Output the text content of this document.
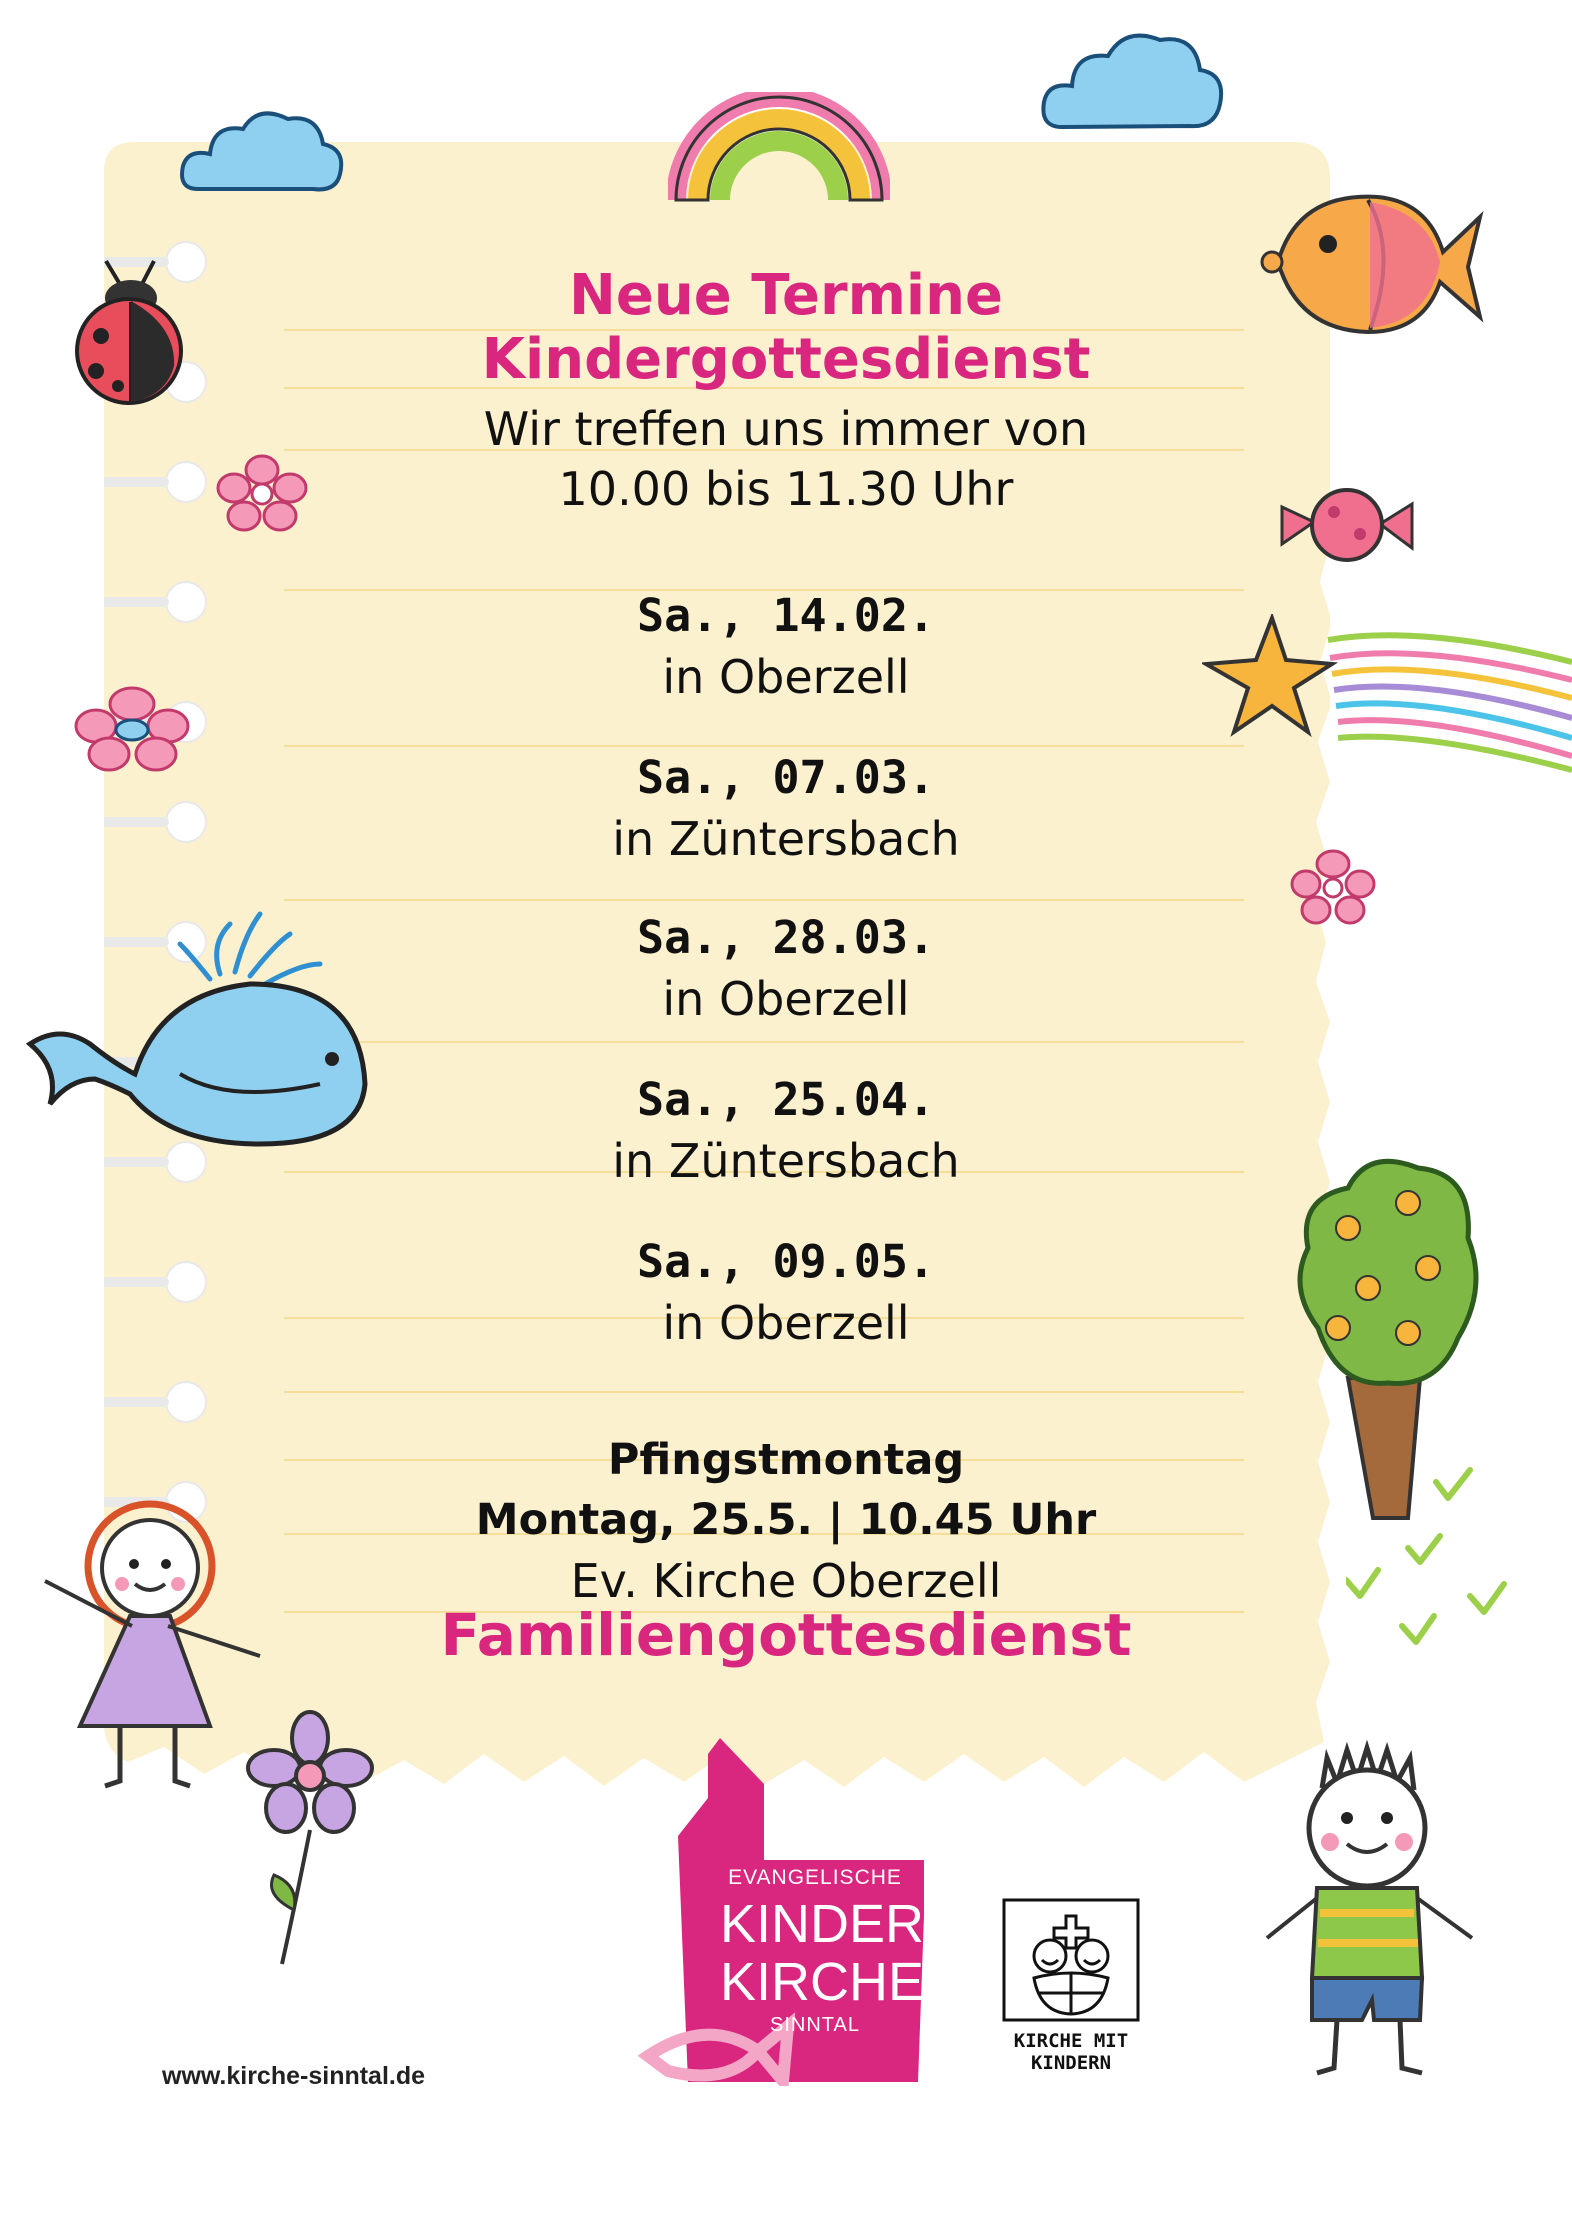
Neue Termine
Kindergottesdienst
Wir treffen uns immer von
10.00 bis 11.30 Uhr
Sa., 14.02.
in Oberzell
Sa., 07.03.
in Züntersbach
Sa., 28.03.
in Oberzell
Sa., 25.04.
in Züntersbach
Sa., 09.05.
in Oberzell
Pfingstmontag
Montag, 25.5. | 10.45 Uhr
Ev. Kirche Oberzell
Familiengottesdienst
EVANGELISCHE
KINDER
KIRCHE
SINNTAL
KIRCHE MIT
KINDERN
www.kirche-sinntal.de
